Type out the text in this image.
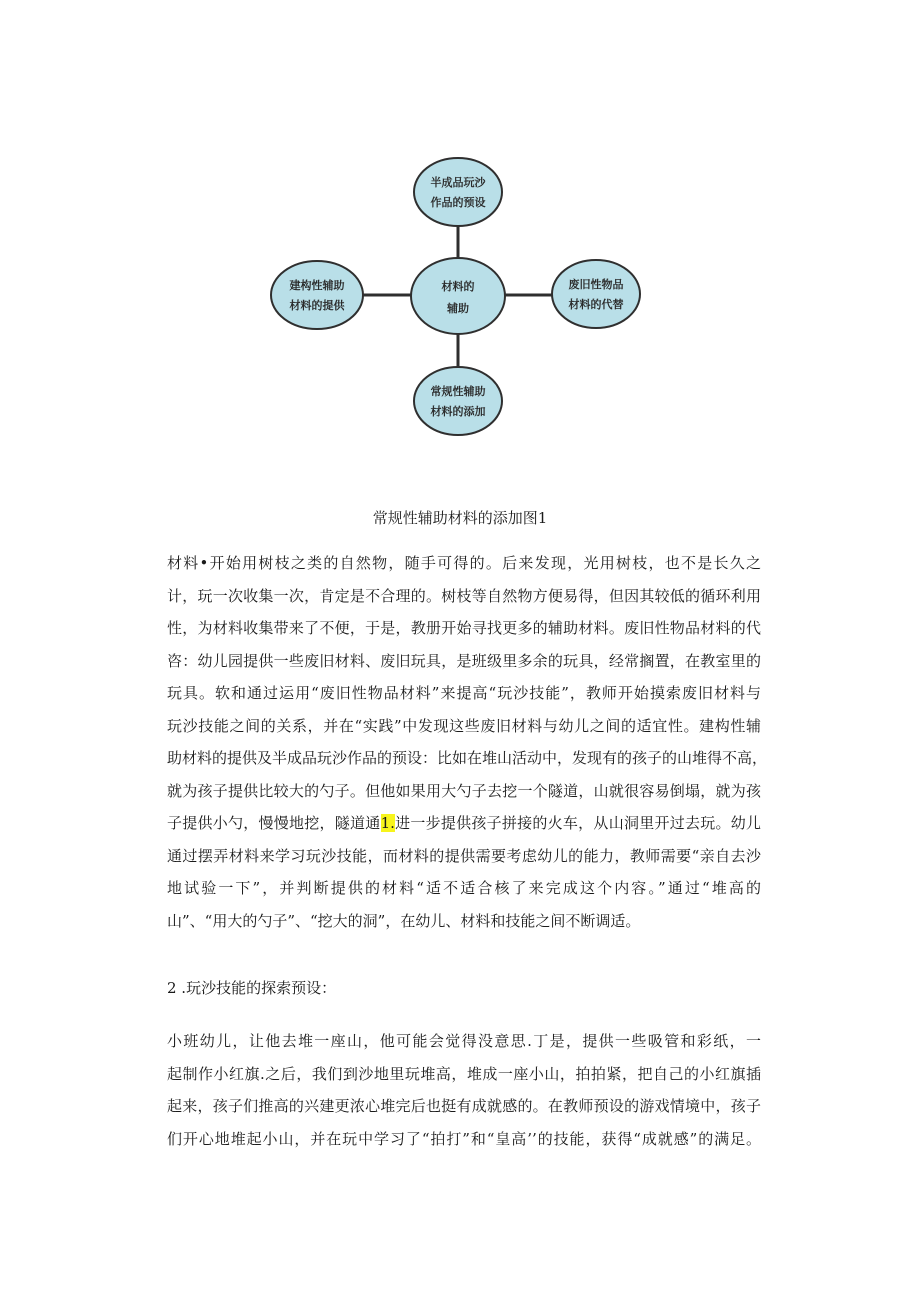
半成品玩沙
作品的预设
建构性辅助
材料的提供
材料的
辅助
废旧性物品
材料的代替
常规性辅助
材料的添加
常规性辅助材料的添加图1

材料•开始用树枝之类的自然物，随手可得的。后来发现，光用树枝，也不是长久之
计，玩一次收集一次，肯定是不合理的。树枝等自然物方便易得，但因其较低的循环利用
性，为材料收集带来了不便，于是，教册开始寻找更多的辅助材料。废旧性物品材料的代
咨：幼儿园提供一些废旧材料、废旧玩具，是班级里多余的玩具，经常搁置，在教室里的
玩具。软和通过运用“废旧性物品材料”来提高“玩沙技能”，教师开始摸索废旧材料与
玩沙技能之间的关系，并在“实践”中发现这些废旧材料与幼儿之间的适宜性。建构性辅
助材料的提供及半成品玩沙作品的预设：比如在堆山活动中，发现有的孩子的山堆得不高，
就为孩子提供比较大的勺子。但他如果用大勺子去挖一个隧道，山就很容易倒塌，就为孩
子提供小勺，慢慢地挖，隧道通1.进一步提供孩子拼接的火车，从山洞里开过去玩。幼儿
通过摆弄材料来学习玩沙技能，而材料的提供需要考虑幼儿的能力，教师需要“亲自去沙
地试验一下”，并判断提供的材料“适不适合核了来完成这个内容。”通过“堆高的
山”、“用大的勺子”、“挖大的洞”，在幼儿、材料和技能之间不断调适。

2 .玩沙技能的探索预设：

小班幼儿，让他去堆一座山，他可能会觉得没意思.丁是，提供一些吸管和彩纸，一
起制作小红旗.之后，我们到沙地里玩堆高，堆成一座小山，拍拍紧，把自己的小红旗插
起来，孩子们推高的兴建更浓心堆完后也挺有成就感的。在教师预设的游戏情境中，孩子
们开心地堆起小山，并在玩中学习了“拍打”和“皇高’’的技能，获得“成就感”的满足。
